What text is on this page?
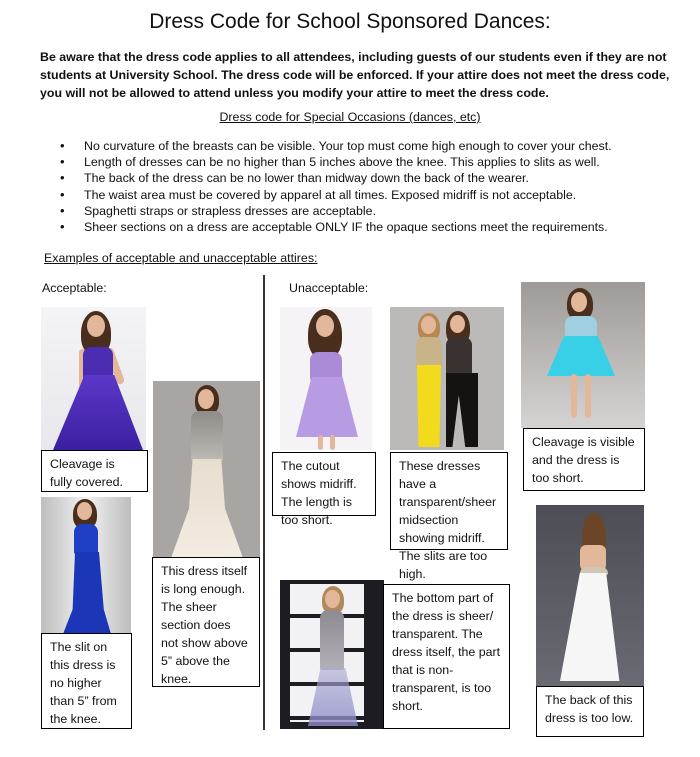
Dress Code for School Sponsored Dances:
Be aware that the dress code applies to all attendees, including guests of our students even if they are not students at University School. The dress code will be enforced. If your attire does not meet the dress code, you will not be allowed to attend unless you modify your attire to meet the dress code.
Dress code for Special Occasions (dances, etc)
• No curvature of the breasts can be visible. Your top must come high enough to cover your chest.
• Length of dresses can be no higher than 5 inches above the knee. This applies to slits as well.
• The back of the dress can be no lower than midway down the back of the wearer.
• The waist area must be covered by apparel at all times. Exposed midriff is not acceptable.
• Spaghetti straps or strapless dresses are acceptable.
• Sheer sections on a dress are acceptable ONLY IF the opaque sections meet the requirements.
Examples of acceptable and unacceptable attires:
Acceptable:	Unacceptable:
Cleavage is fully covered.
The slit on this dress is no higher than 5” from the knee.
This dress itself is long enough. The sheer section does not show above 5” above the knee.
The cutout shows midriff. The length is too short.
These dresses have a transparent/sheer midsection showing midriff. The slits are too high.
Cleavage is visible and the dress is too short.
The bottom part of the dress is sheer/ transparent. The dress itself, the part that is non-transparent, is too short.	The back of this dress is too low.
